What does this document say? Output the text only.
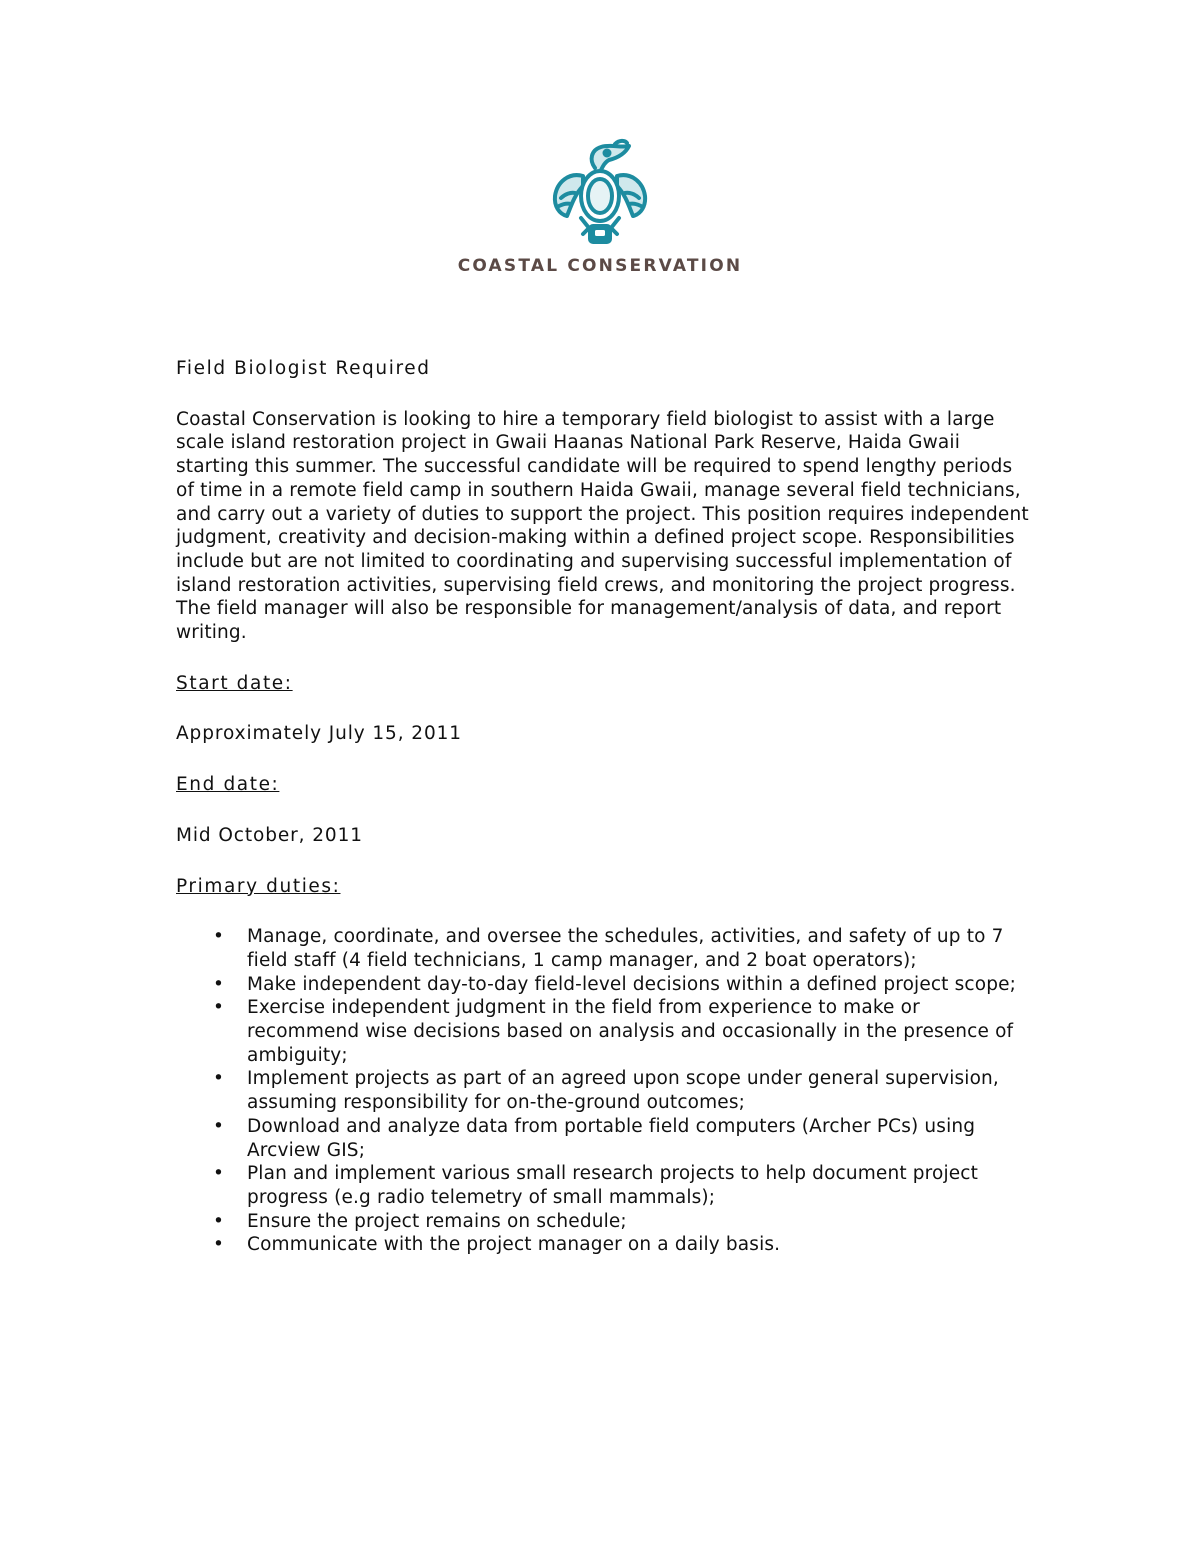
COASTAL CONSERVATION

Field Biologist Required

Coastal Conservation is looking to hire a temporary field biologist to assist with a large scale island restoration project in Gwaii Haanas National Park Reserve, Haida Gwaii starting this summer. The successful candidate will be required to spend lengthy periods of time in a remote field camp in southern Haida Gwaii, manage several field technicians, and carry out a variety of duties to support the project. This position requires independent judgment, creativity and decision-making within a defined project scope. Responsibilities include but are not limited to coordinating and supervising successful implementation of island restoration activities, supervising field crews, and monitoring the project progress. The field manager will also be responsible for management/analysis of data, and report writing.

Start date:

Approximately July 15, 2011

End date:

Mid October, 2011

Primary duties:

• Manage, coordinate, and oversee the schedules, activities, and safety of up to 7 field staff (4 field technicians, 1 camp manager, and 2 boat operators);
• Make independent day-to-day field-level decisions within a defined project scope;
• Exercise independent judgment in the field from experience to make or recommend wise decisions based on analysis and occasionally in the presence of ambiguity;
• Implement projects as part of an agreed upon scope under general supervision, assuming responsibility for on-the-ground outcomes;
• Download and analyze data from portable field computers (Archer PCs) using Arcview GIS;
• Plan and implement various small research projects to help document project progress (e.g radio telemetry of small mammals);
• Ensure the project remains on schedule;
• Communicate with the project manager on a daily basis.
